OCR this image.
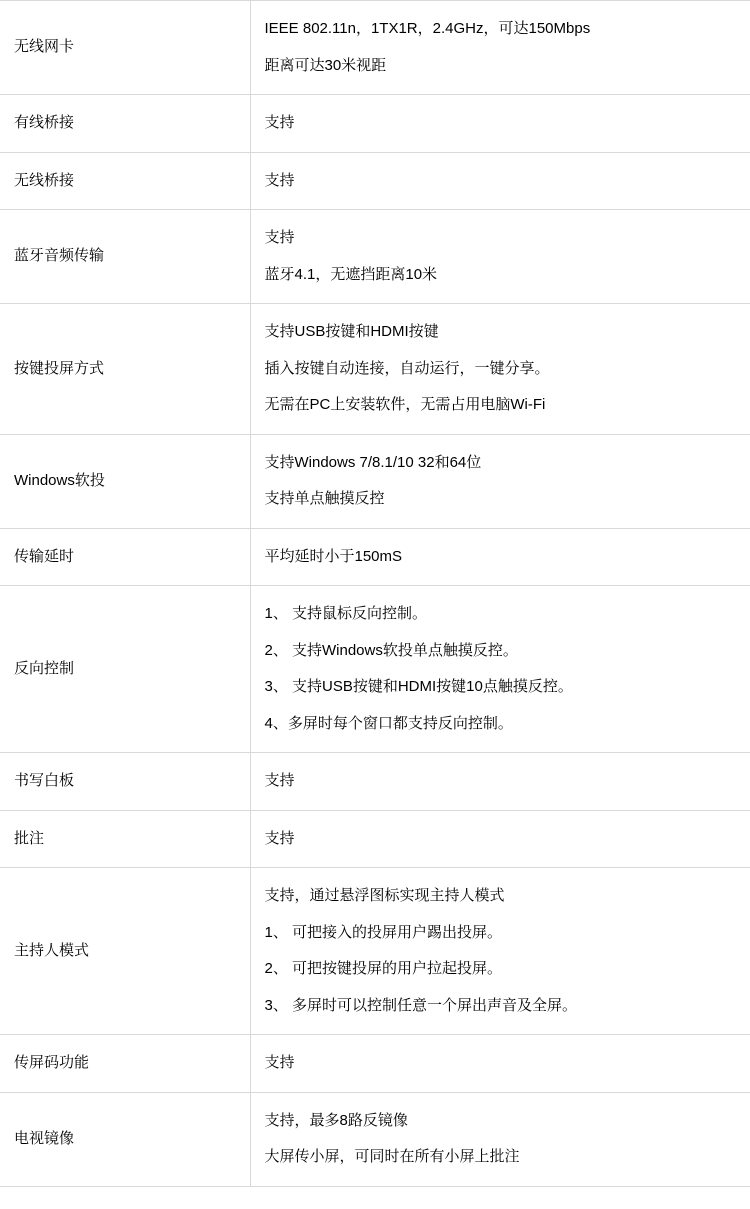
无线网卡	IEEE 802.11n，1TX1R，2.4GHz，可达150Mbps

距离可达30米视距

有线桥接	支持

无线桥接	支持

蓝牙音频传输	支持

蓝牙4.1，无遮挡距离10米

按键投屏方式	支持USB按键和HDMI按键

插入按键自动连接，自动运行，一键分享。

无需在PC上安装软件，无需占用电脑Wi-Fi

Windows软投	支持Windows 7/8.1/10 32和64位

支持单点触摸反控

传输延时	平均延时小于150mS

反向控制	1、 支持鼠标反向控制。

2、 支持Windows软投单点触摸反控。

3、 支持USB按键和HDMI按键10点触摸反控。

4、多屏时每个窗口都支持反向控制。

书写白板	支持

批注	支持

主持人模式	支持，通过悬浮图标实现主持人模式

1、 可把接入的投屏用户踢出投屏。

2、 可把按键投屏的用户拉起投屏。

3、 多屏时可以控制任意一个屏出声音及全屏。

传屏码功能	支持

电视镜像	支持，最多8路反镜像

大屏传小屏，可同时在所有小屏上批注
